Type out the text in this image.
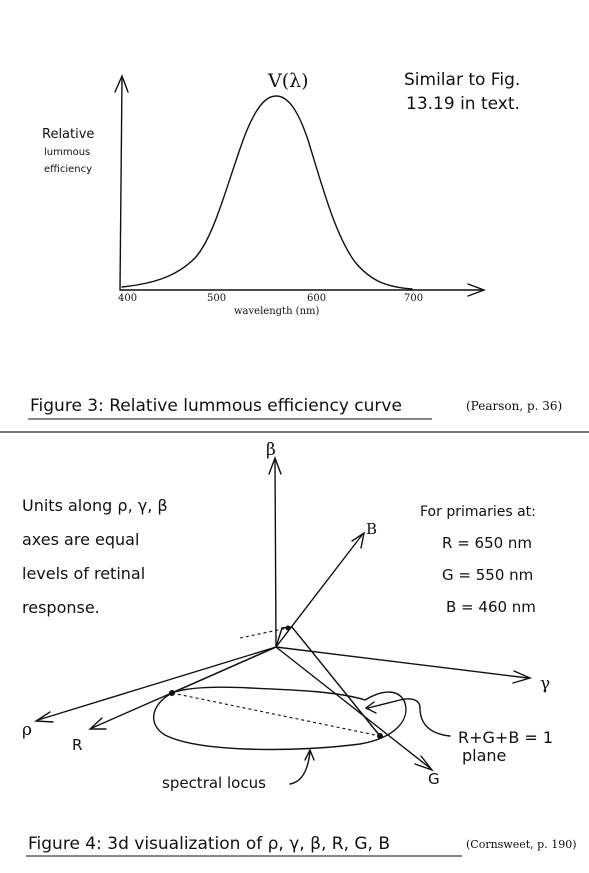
V(λ)	Similar to Fig.
13.19 in text.
Relative
lummous
efficiency
400	500	600	700
wavelength (nm)
Figure 3: Relative lummous efficiency curve	(Pearson, p. 36)
β
B
γ
ρ
R
G
Units along ρ, γ, β
axes are equal
levels of retinal
response.
For primaries at:
R = 650 nm
G = 550 nm
B = 460 nm
R+G+B = 1
plane
spectral locus
Figure 4: 3d visualization of ρ, γ, β, R, G, B	(Cornsweet, p. 190)
